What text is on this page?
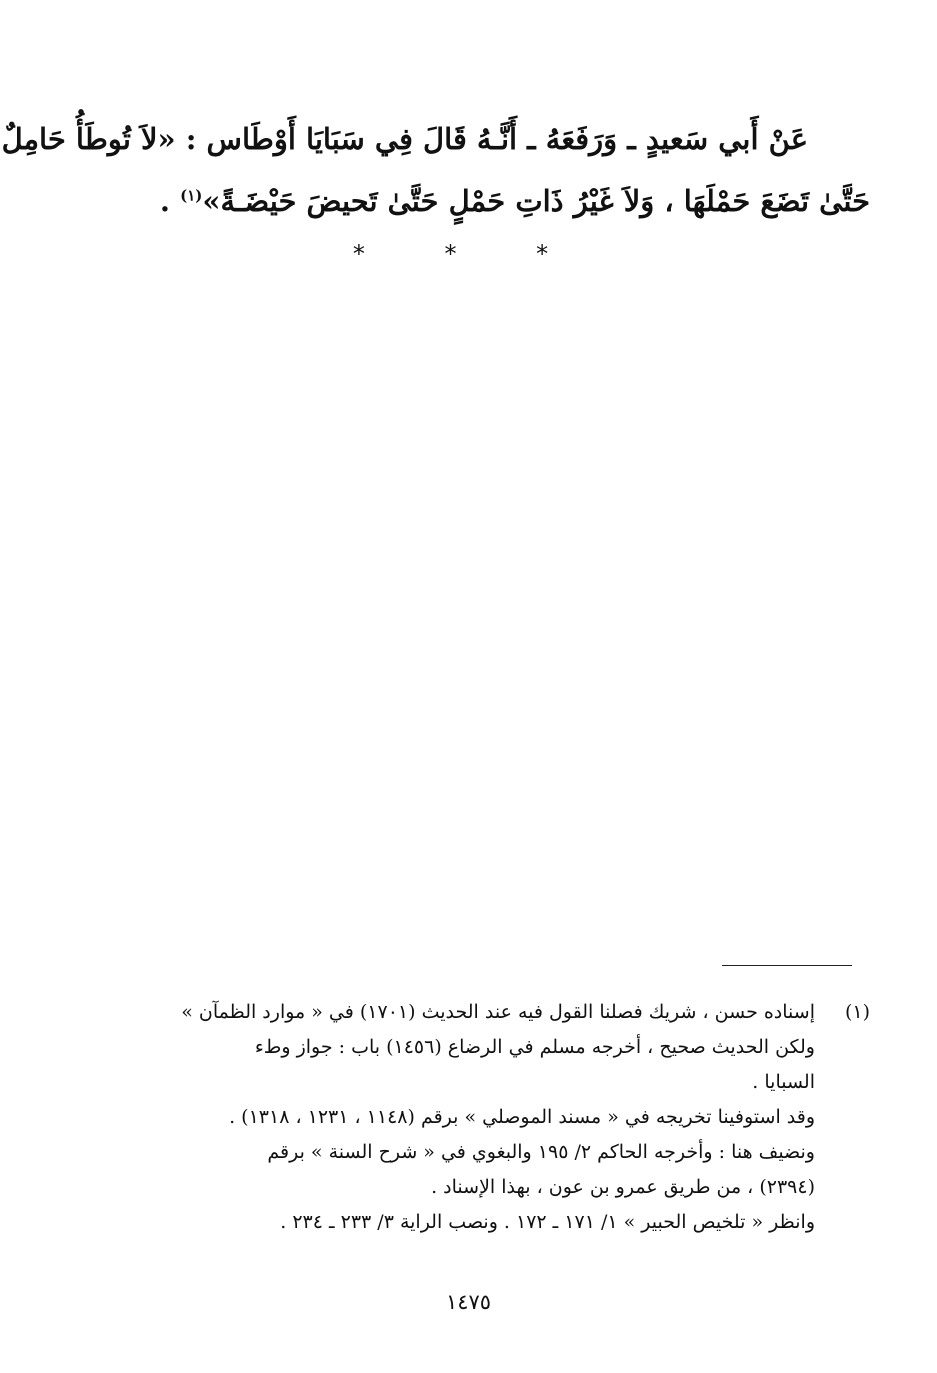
عَنْ أَبي سَعيدٍ ـ وَرَفَعَهُ ـ أَنَّـهُ قَالَ فِي سَبَايَا أَوْطَاس : «لاَ تُوطَأُ حَامِلٌ
حَتَّىٰ تَضَعَ حَمْلَهَا ، وَلاَ غَيْرُ ذَاتِ حَمْلٍ حَتَّىٰ تَحيضَ حَيْضَـةً»$^{(١)}$ .
* * *
(١)
إسناده حسن ، شريك فصلنا القول فيه عند الحديث (١٧٠١) في « موارد الظمآن »
ولكن الحديث صحيح ، أخرجه مسلم في الرضاع (١٤٥٦) باب : جواز وطء
السبايا .
وقد استوفينا تخريجه في « مسند الموصلي » برقم (١١٤٨ ، ١٢٣١ ، ١٣١٨) .
ونضيف هنا : وأخرجه الحاكم ٢/ ١٩٥ والبغوي في « شرح السنة » برقم
(٢٣٩٤) ، من طريق عمرو بن عون ، بهذا الإسناد .
وانظر « تلخيص الحبير » ١/ ١٧١ ـ ١٧٢ . ونصب الراية ٣/ ٢٣٣ ـ ٢٣٤ .
١٤٧٥
